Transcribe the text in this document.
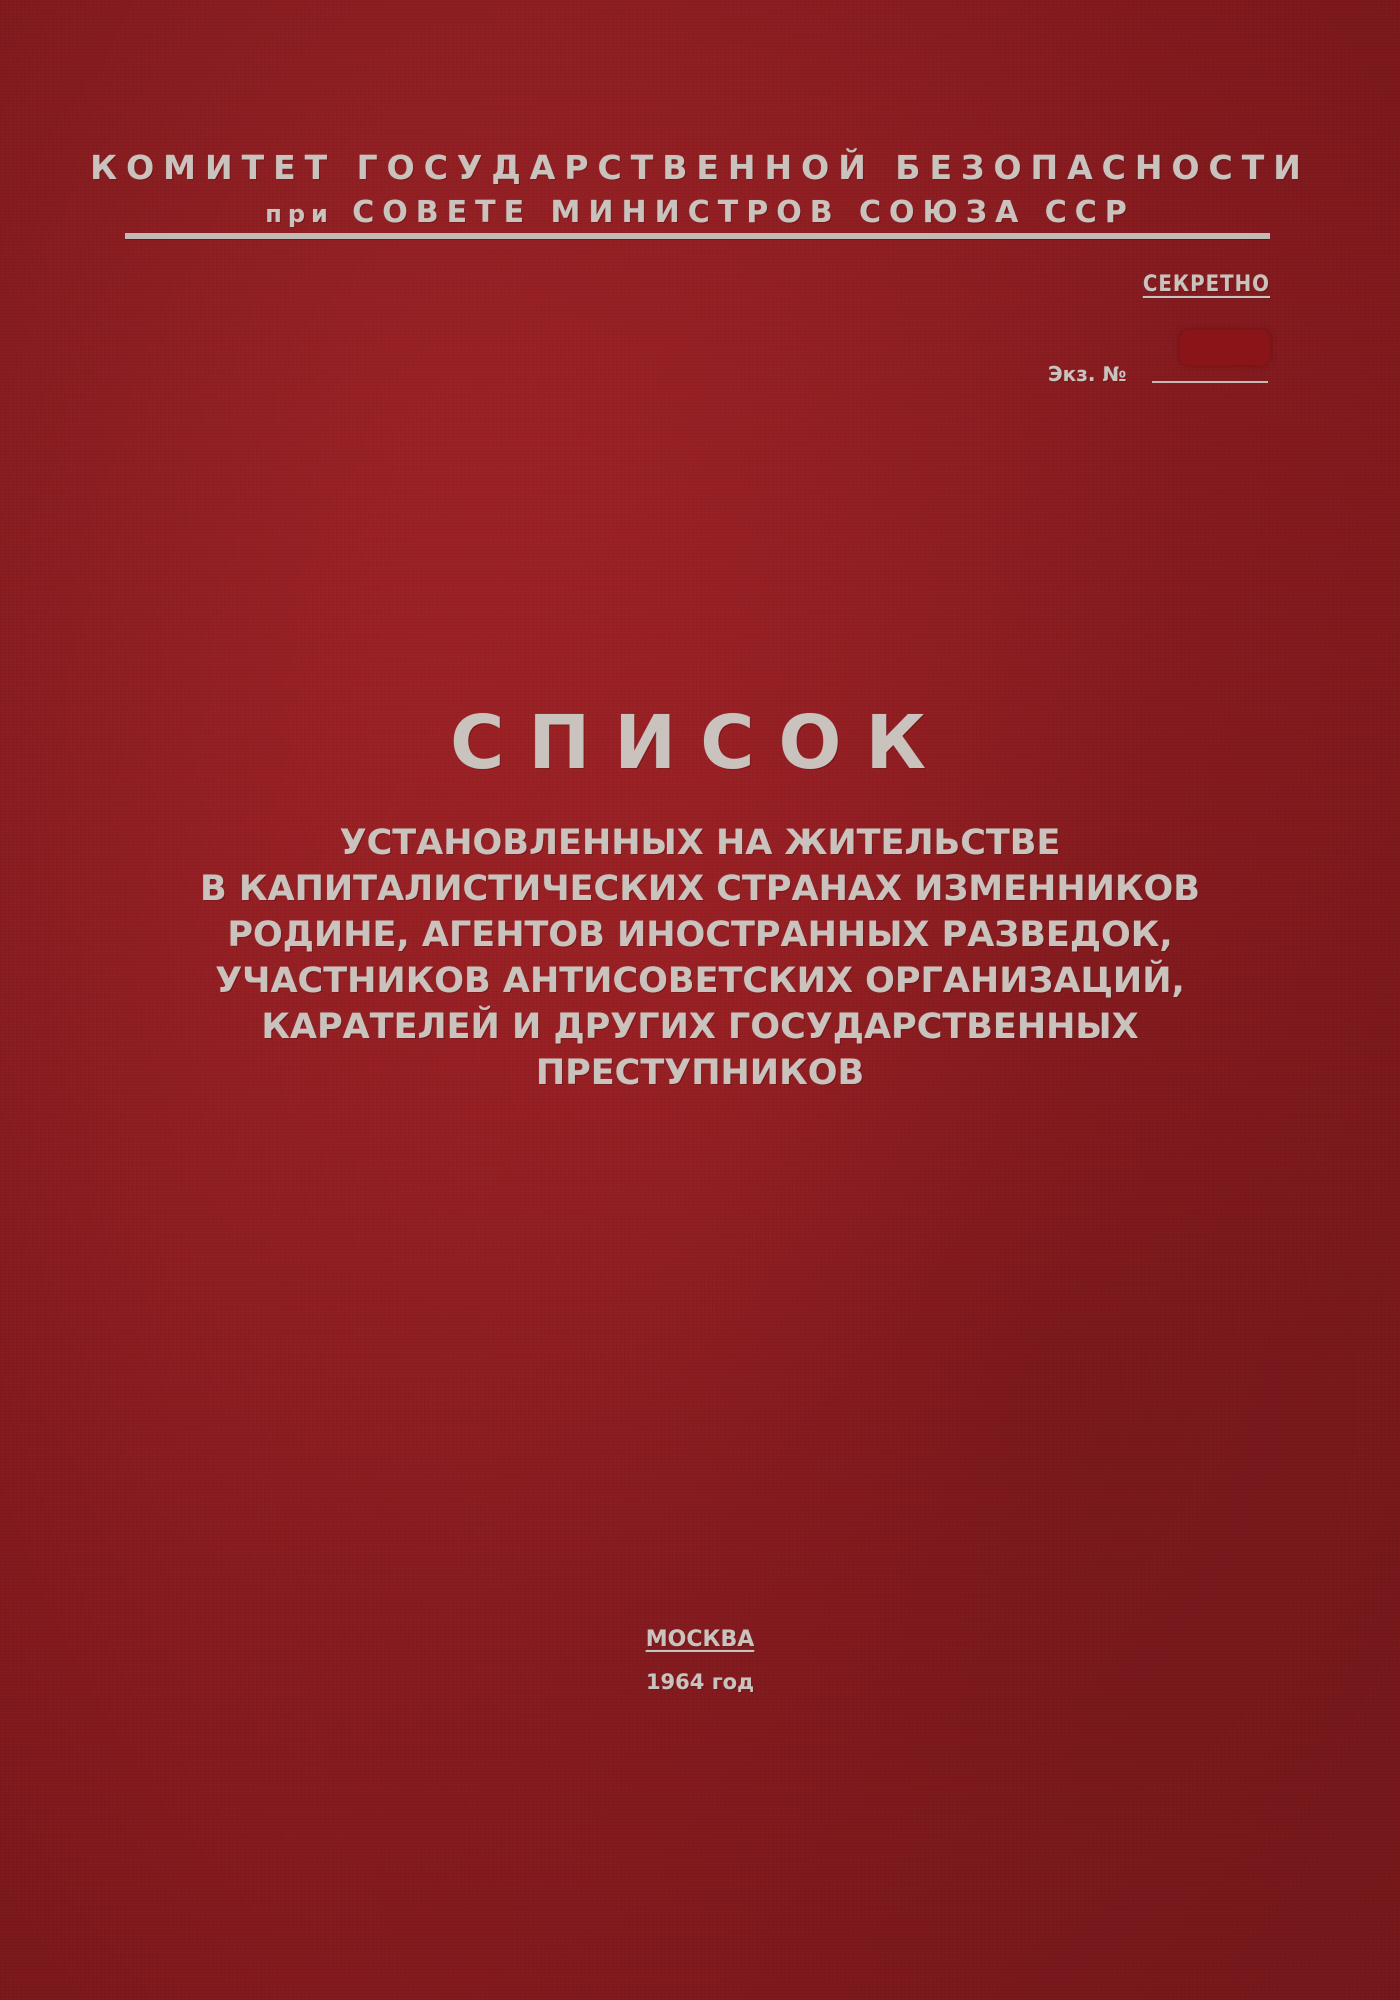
КОМИТЕТ ГОСУДАРСТВЕННОЙ БЕЗОПАСНОСТИ
при СОВЕТЕ МИНИСТРОВ СОЮЗА ССР
СЕКРЕТНО
Экз. №
СПИСОК
УСТАНОВЛЕННЫХ НА ЖИТЕЛЬСТВЕ
В КАПИТАЛИСТИЧЕСКИХ СТРАНАХ ИЗМЕННИКОВ
РОДИНЕ, АГЕНТОВ ИНОСТРАННЫХ РАЗВЕДОК,
УЧАСТНИКОВ АНТИСОВЕТСКИХ ОРГАНИЗАЦИЙ,
КАРАТЕЛЕЙ И ДРУГИХ ГОСУДАРСТВЕННЫХ
ПРЕСТУПНИКОВ
МОСКВА
1964 год
